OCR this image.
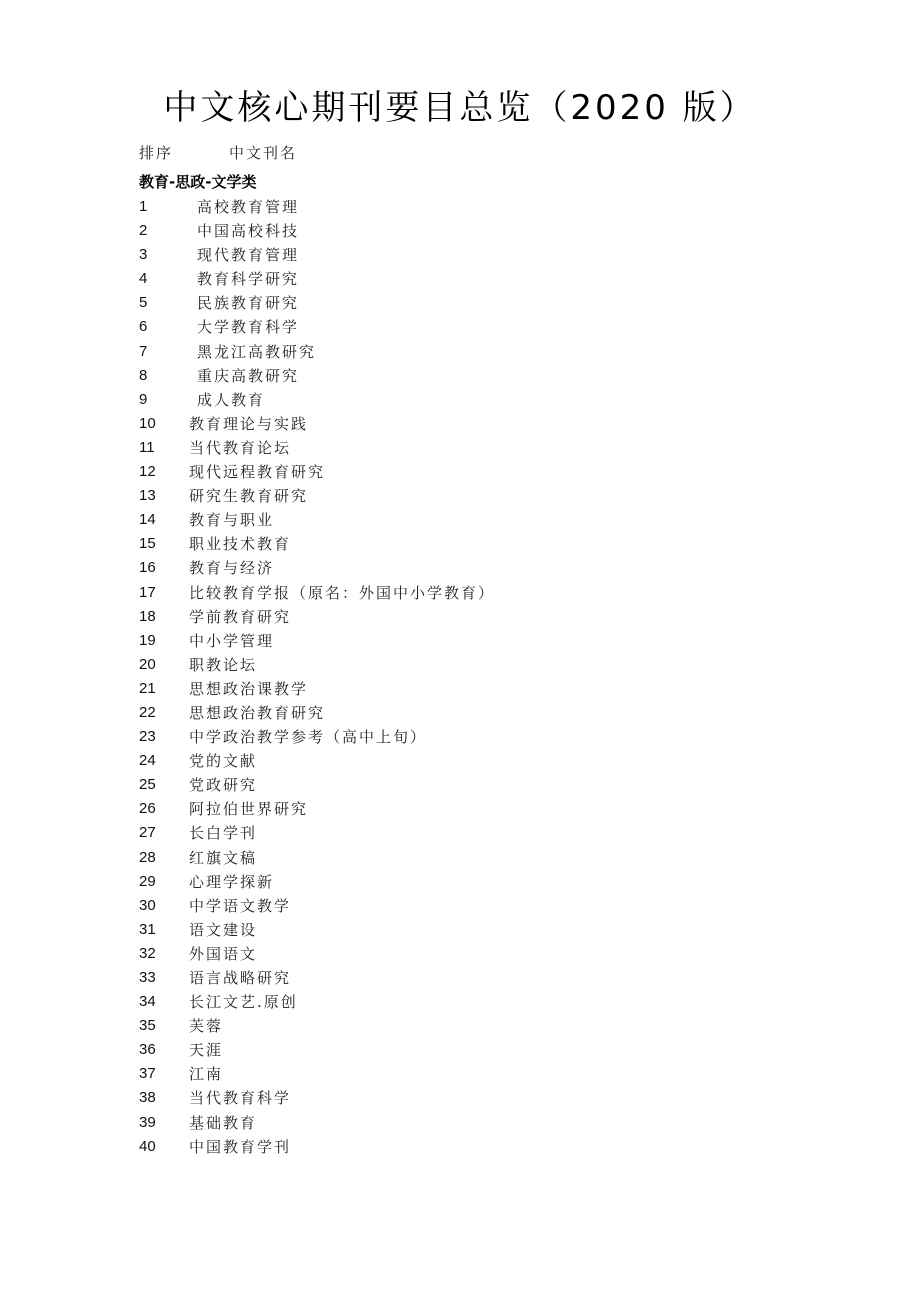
中文核心期刊要目总览（2020 版）
排序	中文刊名
教育-思政-文学类
1	高校教育管理
2	中国高校科技
3	现代教育管理
4	教育科学研究
5	民族教育研究
6	大学教育科学
7	黑龙江高教研究
8	重庆高教研究
9	成人教育
10 教育理论与实践
11 当代教育论坛
12 现代远程教育研究
13 研究生教育研究
14 教育与职业
15 职业技术教育
16 教育与经济
17 比较教育学报（原名：外国中小学教育）
18 学前教育研究
19 中小学管理
20 职教论坛
21 思想政治课教学
22 思想政治教育研究
23 中学政治教学参考（高中上旬）
24 党的文献
25 党政研究
26 阿拉伯世界研究
27 长白学刊
28 红旗文稿
29 心理学探新
30 中学语文教学
31 语文建设
32 外国语文
33 语言战略研究
34 长江文艺.原创
35 芙蓉
36 天涯
37 江南
38 当代教育科学
39 基础教育
40 中国教育学刊
